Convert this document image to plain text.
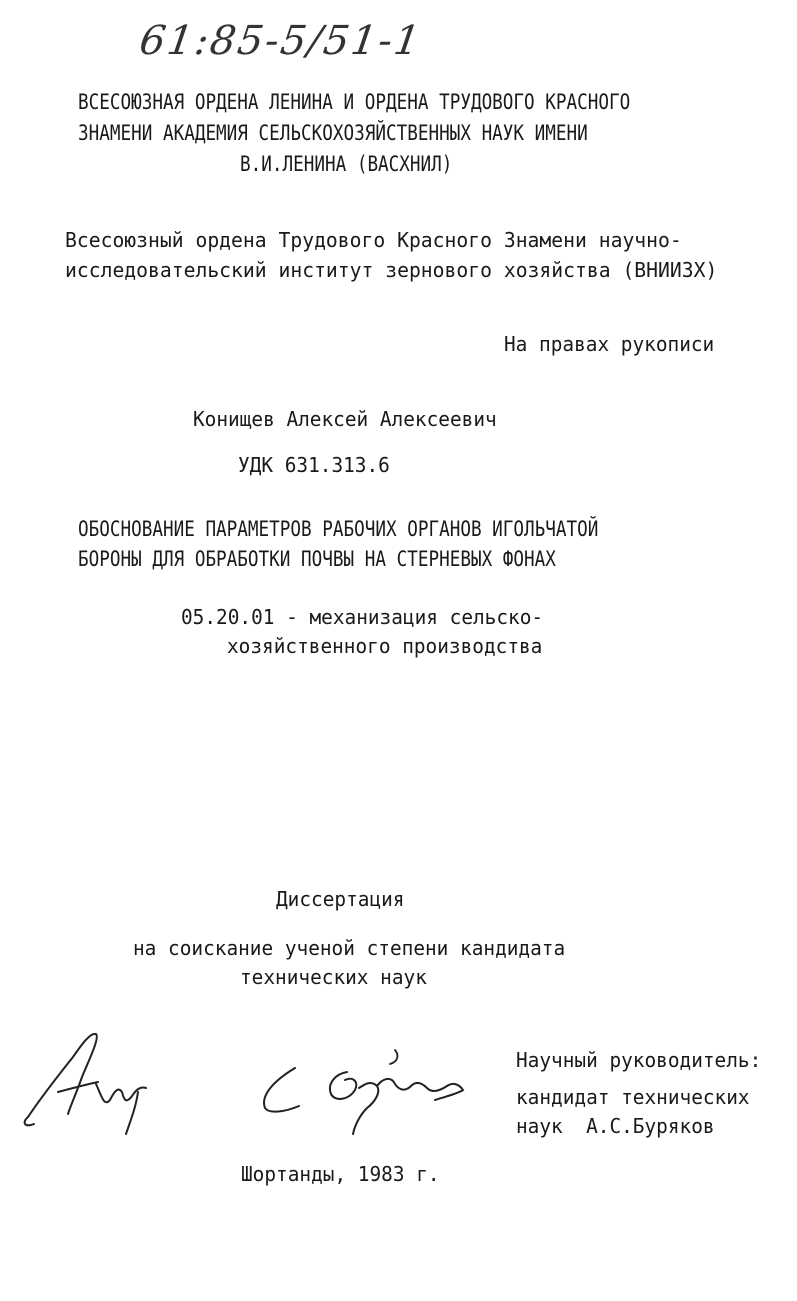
61:85-5/51-1

ВСЕСОЮЗНАЯ ОРДЕНА ЛЕНИНА И ОРДЕНА ТРУДОВОГО КРАСНОГО

ЗНАМЕНИ АКАДЕМИЯ СЕЛЬСКОХОЗЯЙСТВЕННЫХ НАУК ИМЕНИ

В.И.ЛЕНИНА (ВАСХНИЛ)

Всесоюзный ордена Трудового Красного Знамени научно-

исследовательский институт зернового хозяйства (ВНИИЗХ)

На правах рукописи

Конищев Алексей Алексеевич

УДК 631.313.6

ОБОСНОВАНИЕ ПАРАМЕТРОВ РАБОЧИХ ОРГАНОВ ИГОЛЬЧАТОЙ

БОРОНЫ ДЛЯ ОБРАБОТКИ ПОЧВЫ НА СТЕРНЕВЫХ ФОНАХ

05.20.01 - механизация сельско-

хозяйственного производства

Диссертация

на соискание ученой степени кандидата

технических наук

Научный руководитель:

кандидат технических

наук  А.С.Буряков

Шортанды, 1983 г.
